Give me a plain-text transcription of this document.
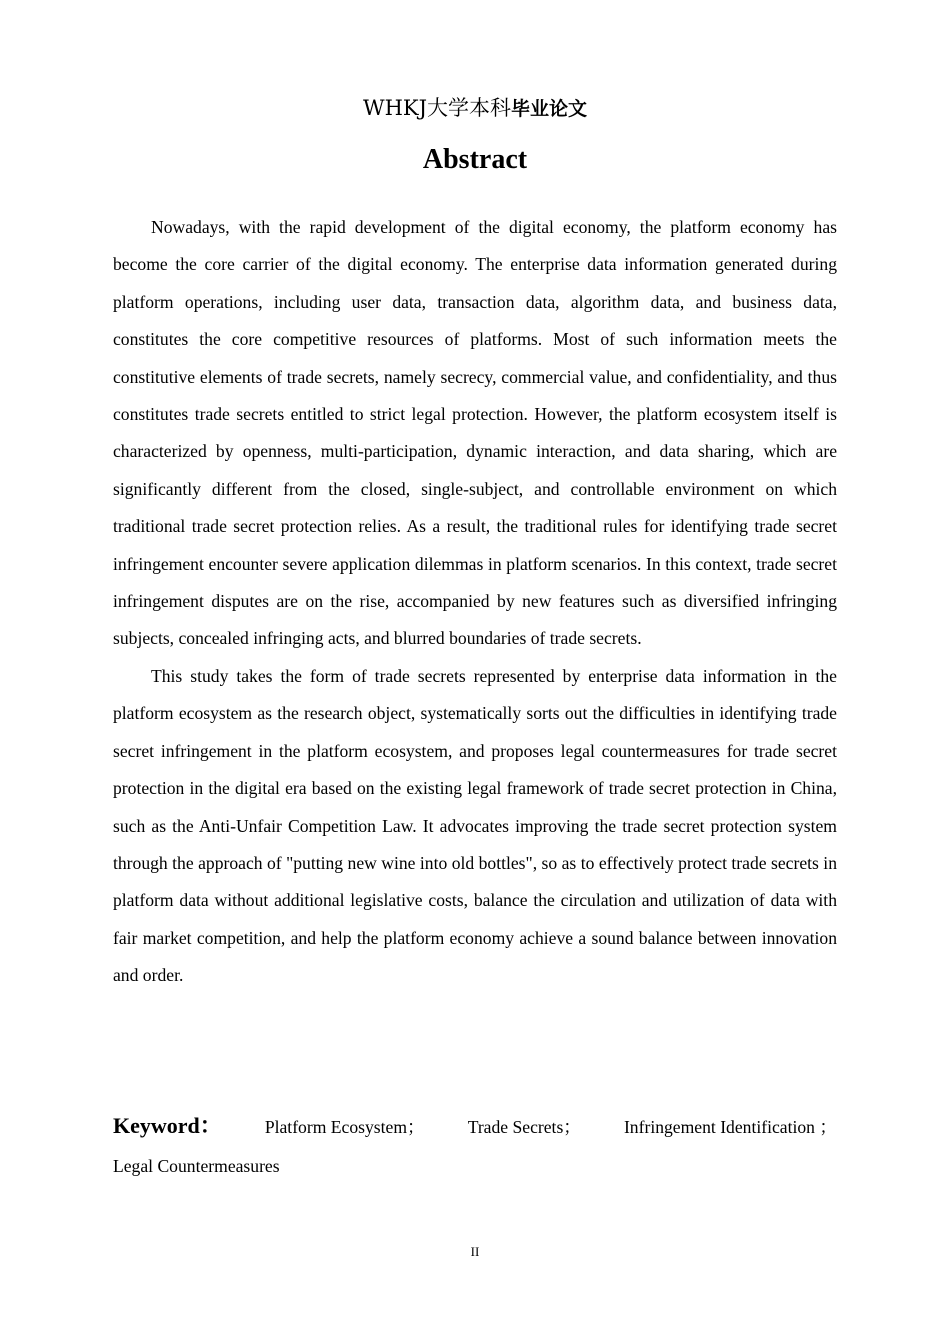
WHKJ大学本科毕业论文
Abstract

Nowadays, with the rapid development of the digital economy, the platform economy has become the core carrier of the digital economy. The enterprise data information generated during platform operations, including user data, transaction data, algorithm data, and business data, constitutes the core competitive resources of platforms. Most of such information meets the constitutive elements of trade secrets, namely secrecy, commercial value, and confidentiality, and thus constitutes trade secrets entitled to strict legal protection. However, the platform ecosystem itself is characterized by openness, multi-participation, dynamic interaction, and data sharing, which are significantly different from the closed, single-subject, and controllable environment on which traditional trade secret protection relies. As a result, the traditional rules for identifying trade secret infringement encounter severe application dilemmas in platform scenarios. In this context, trade secret infringement disputes are on the rise, accompanied by new features such as diversified infringing subjects, concealed infringing acts, and blurred boundaries of trade secrets.

This study takes the form of trade secrets represented by enterprise data information in the platform ecosystem as the research object, systematically sorts out the difficulties in identifying trade secret infringement in the platform ecosystem, and proposes legal countermeasures for trade secret protection in the digital era based on the existing legal framework of trade secret protection in China, such as the Anti-Unfair Competition Law. It advocates improving the trade secret protection system through the approach of "putting new wine into old bottles", so as to effectively protect trade secrets in platform data without additional legislative costs, balance the circulation and utilization of data with fair market competition, and help the platform economy achieve a sound balance between innovation and order.

Keyword： Platform Ecosystem； Trade Secrets； Infringement Identification ；
Legal Countermeasures
II
